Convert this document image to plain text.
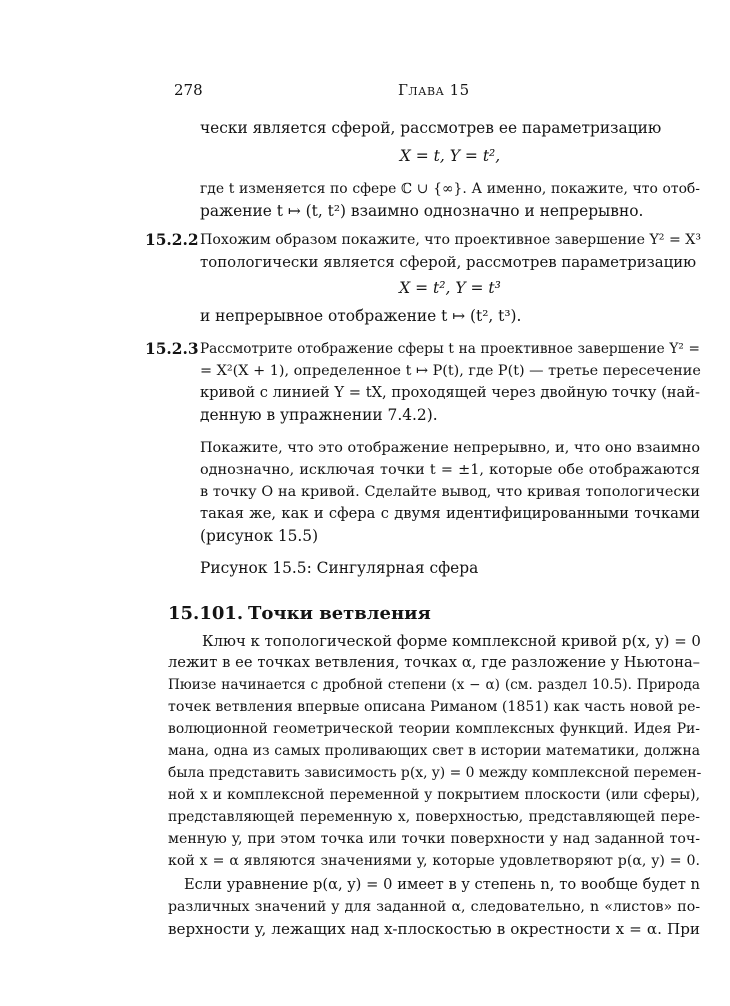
278	Глава 15
чески является сферой, рассмотрев ее параметризацию
X = t, Y = t²,
где t изменяется по сфере ℂ ∪ {∞}. А именно, покажите, что отоб-
ражение t ↦ (t, t²) взаимно однозначно и непрерывно.
15.2.2 Похожим образом покажите, что проективное завершение Y² = X³
топологически является сферой, рассмотрев параметризацию
X = t², Y = t³
и непрерывное отображение t ↦ (t², t³).
15.2.3 Рассмотрите отображение сферы t на проективное завершение Y² =
= X²(X + 1), определенное t ↦ P(t), где P(t) — третье пересечение
кривой с линией Y = tX, проходящей через двойную точку (най-
денную в упражнении 7.4.2).
Покажите, что это отображение непрерывно, и, что оно взаимно
однозначно, исключая точки t = ±1, которые обе отображаются
в точку O на кривой. Сделайте вывод, что кривая топологически
такая же, как и сфера с двумя идентифицированными точками
(рисунок 15.5)
Рисунок 15.5: Сингулярная сфера
15.101. Точки ветвления
Ключ к топологической форме комплексной кривой p(x, y) = 0
лежит в ее точках ветвления, точках α, где разложение y Ньютона–
Пюизе начинается с дробной степени (x − α) (см. раздел 10.5). Природа
точек ветвления впервые описана Риманом (1851) как часть новой ре-
волюционной геометрической теории комплексных функций. Идея Ри-
мана, одна из самых проливающих свет в истории математики, должна
была представить зависимость p(x, y) = 0 между комплексной перемен-
ной x и комплексной переменной y покрытием плоскости (или сферы),
представляющей переменную x, поверхностью, представляющей пере-
менную y, при этом точка или точки поверхности y над заданной точ-
кой x = α являются значениями y, которые удовлетворяют p(α, y) = 0.
Если уравнение p(α, y) = 0 имеет в y степень n, то вообще будет n
различных значений y для заданной α, следовательно, n «листов» по-
верхности y, лежащих над x-плоскостью в окрестности x = α. При
